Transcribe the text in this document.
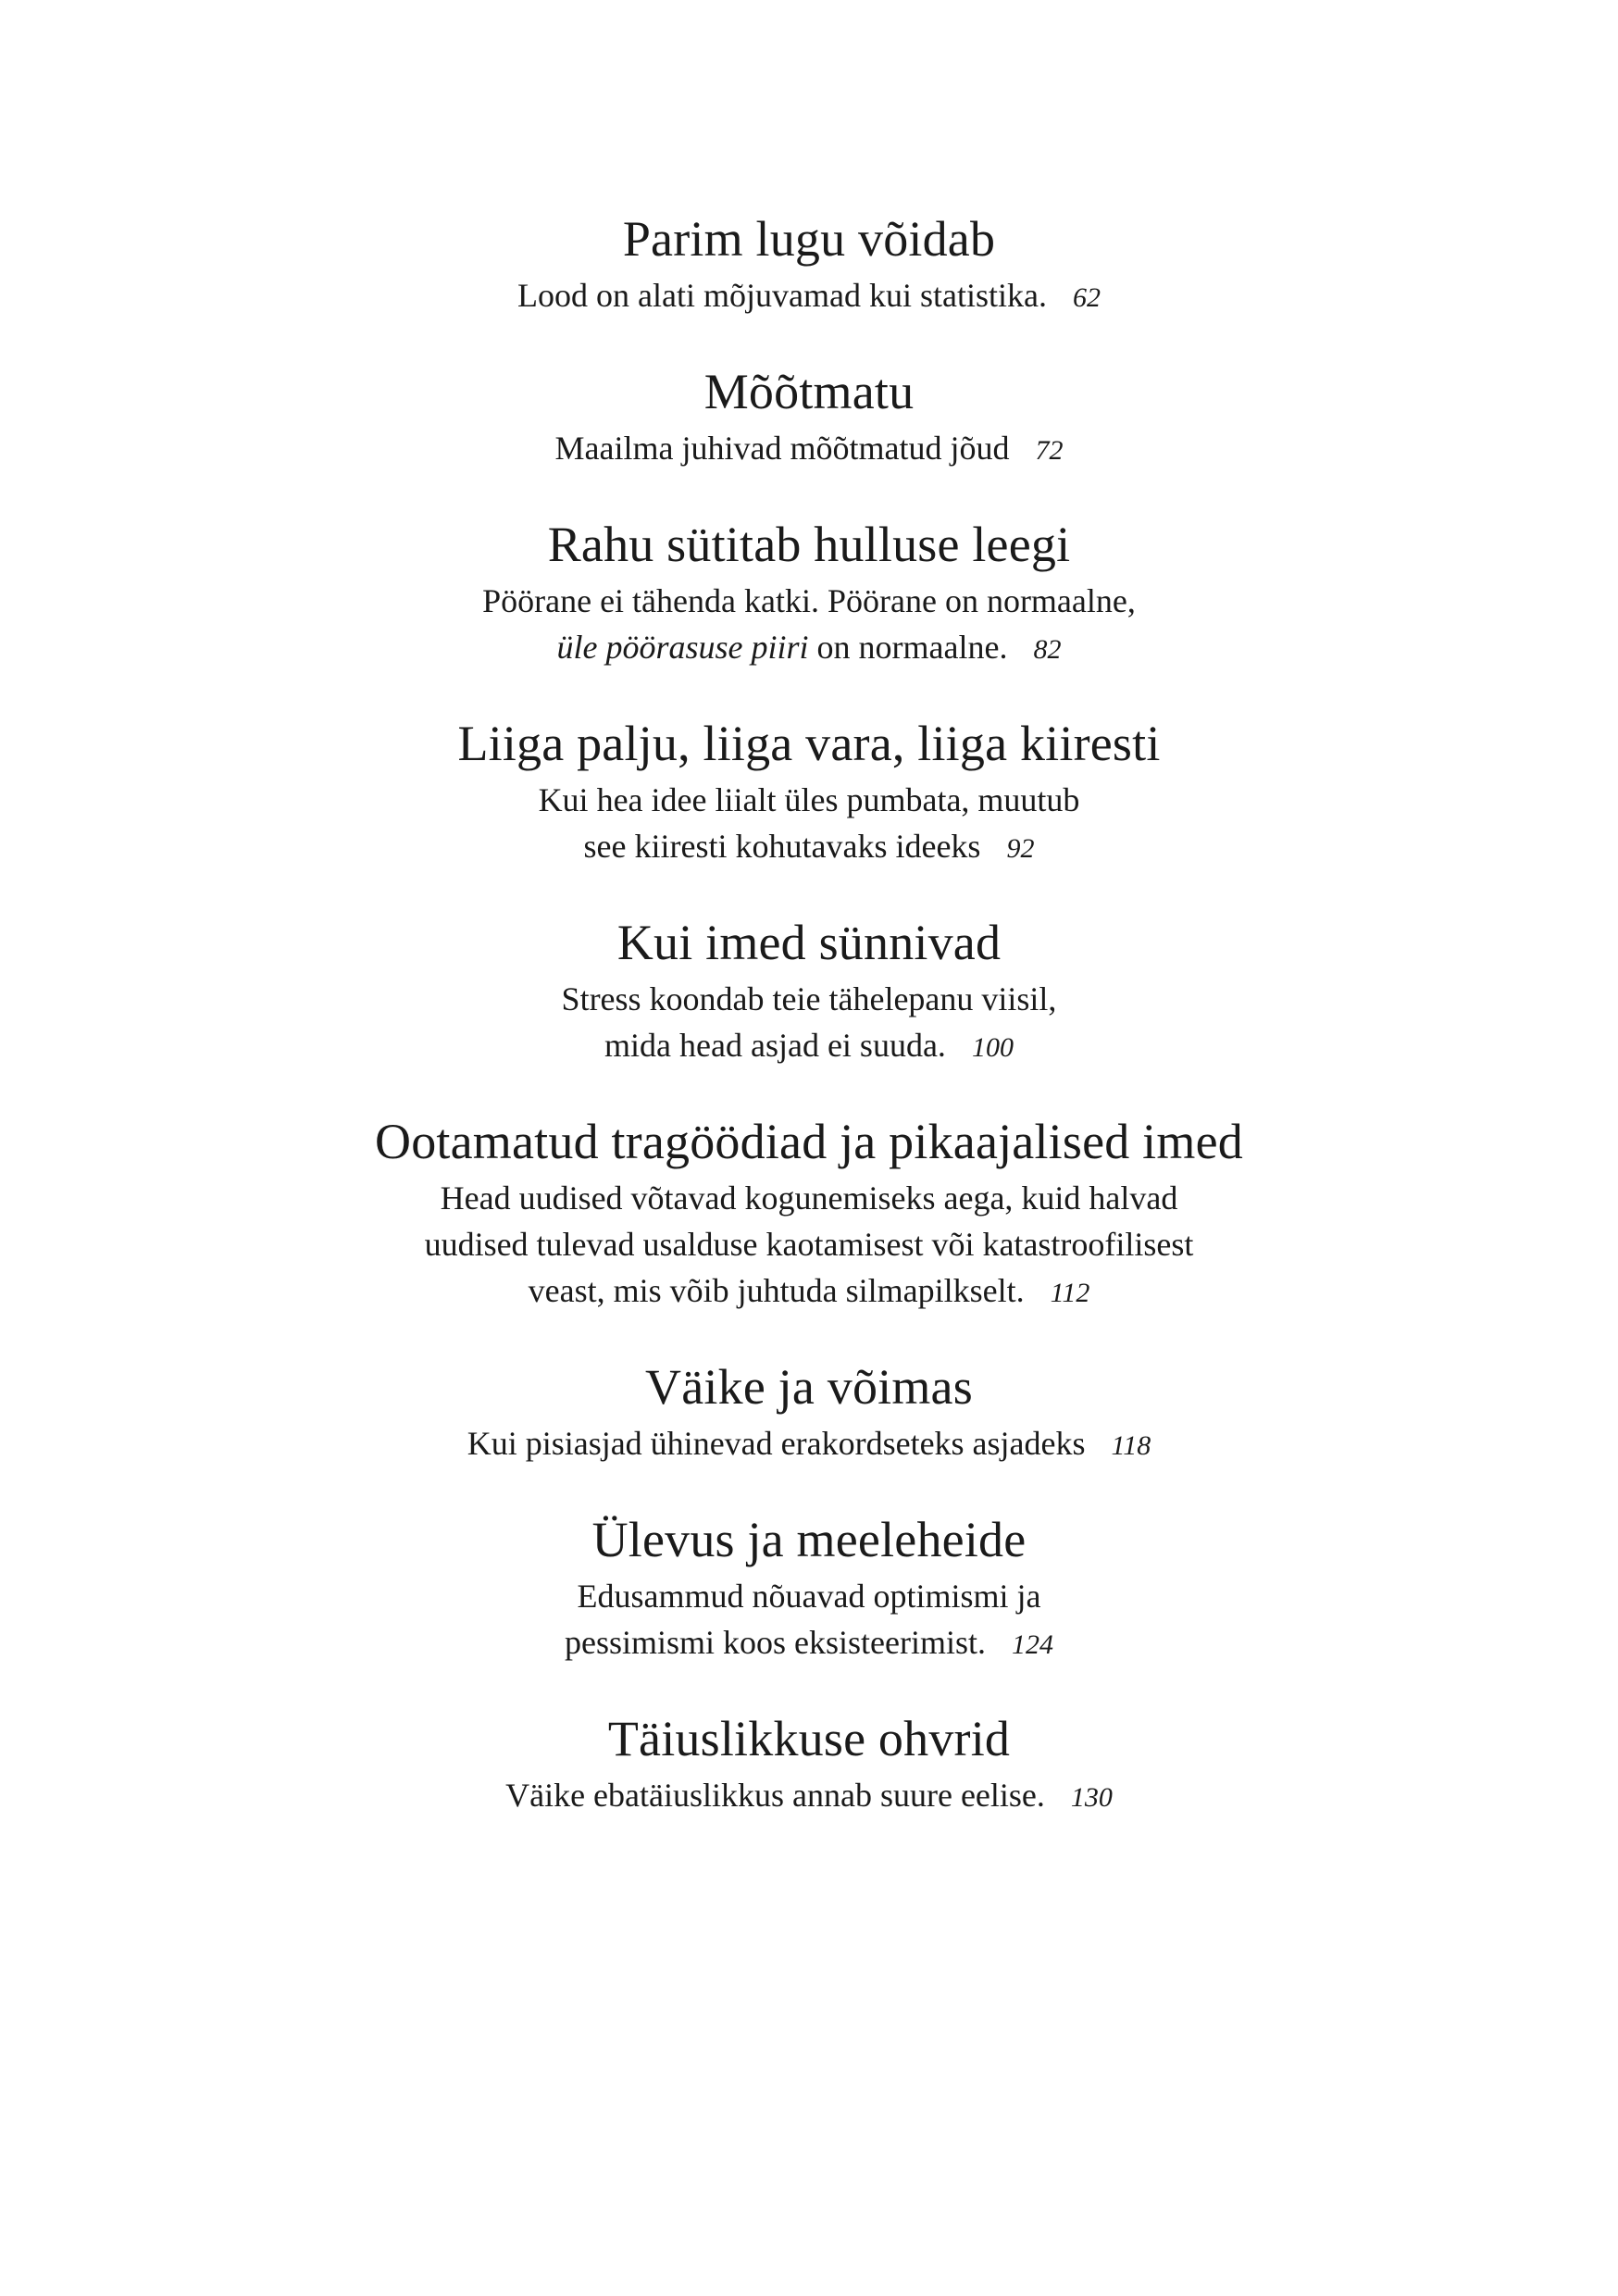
Parim lugu võidab
Lood on alati mõjuvamad kui statistika. 62
Mõõtmatu
Maailma juhivad mõõtmatud jõud 72
Rahu sütitab hulluse leegi
Pöörane ei tähenda katki. Pöörane on normaalne,
üle pöörasuse piiri on normaalne. 82
Liiga palju, liiga vara, liiga kiiresti
Kui hea idee liialt üles pumbata, muutub
see kiiresti kohutavaks ideeks 92
Kui imed sünnivad
Stress koondab teie tähelepanu viisil,
mida head asjad ei suuda. 100
Ootamatud tragöödiad ja pikaajalised imed
Head uudised võtavad kogunemiseks aega, kuid halvad
uudised tulevad usalduse kaotamisest või katastroofilisest
veast, mis võib juhtuda silmapilkselt. 112
Väike ja võimas
Kui pisiasjad ühinevad erakordseteks asjadeks 118
Ülevus ja meeleheide
Edusammud nõuavad optimismi ja
pessimismi koos eksisteerimist. 124
Täiuslikkuse ohvrid
Väike ebatäiuslikkus annab suure eelise. 130
